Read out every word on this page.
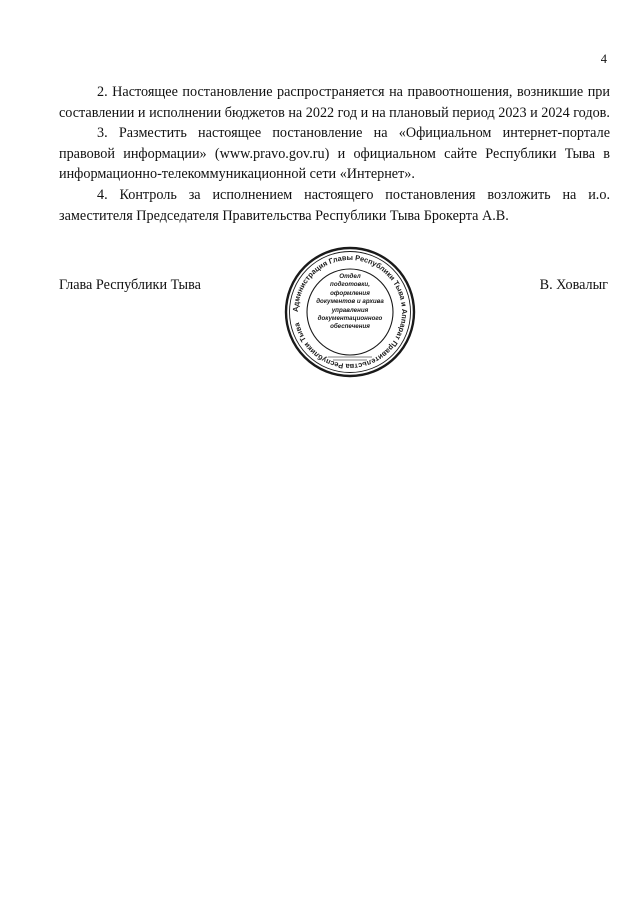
4

2. Настоящее постановление распространяется на правоотношения, возникшие при составлении и исполнении бюджетов на 2022 год и на плановый период 2023 и 2024 годов.

3. Разместить настоящее постановление на «Официальном интернет-портале правовой информации» (www.pravo.gov.ru) и официальном сайте Республики Тыва в информационно-телекоммуникационной сети «Интернет».

4. Контроль за исполнением настоящего постановления возложить на и.о. заместителя Председателя Правительства Республики Тыва Брокерта А.В.

Глава Республики Тыва
Администрация Главы Республики Тыва и Аппарат Правительства Республики Тыва
Отдел
подготовки,
оформления
документов и архива
управления
документационного
обеспечения
В. Ховалыг
